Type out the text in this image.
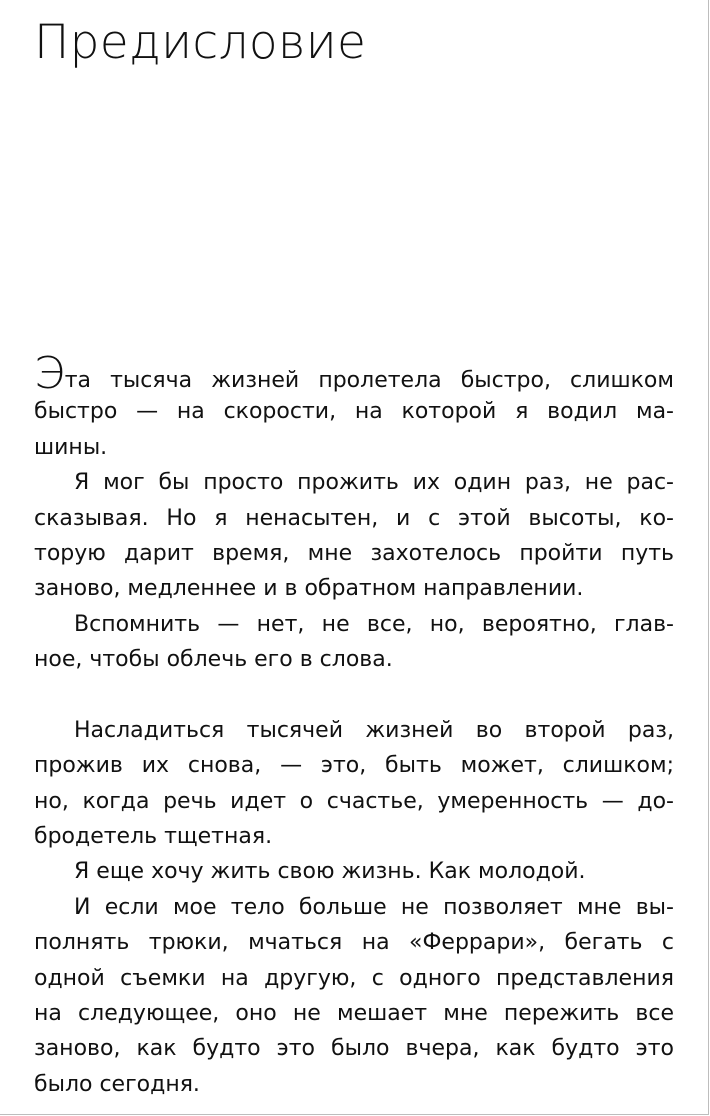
Предисловие
Эта тысяча жизней пролетела быстро, слишком
быстро — на скорости, на которой я водил ма-
шины.
Я мог бы просто прожить их один раз, не рас-
сказывая. Но я ненасытен, и с этой высоты, ко-
торую дарит время, мне захотелось пройти путь
заново, медленнее и в обратном направлении.
Вспомнить — нет, не все, но, вероятно, глав-
ное, чтобы облечь его в слова.
Насладиться тысячей жизней во второй раз,
прожив их снова, — это, быть может, слишком;
но, когда речь идет о счастье, умеренность — до-
бродетель тщетная.
Я еще хочу жить свою жизнь. Как молодой.
И если мое тело больше не позволяет мне вы-
полнять трюки, мчаться на «Феррари», бегать с
одной съемки на другую, с одного представления
на следующее, оно не мешает мне пережить все
заново, как будто это было вчера, как будто это
было сегодня.
